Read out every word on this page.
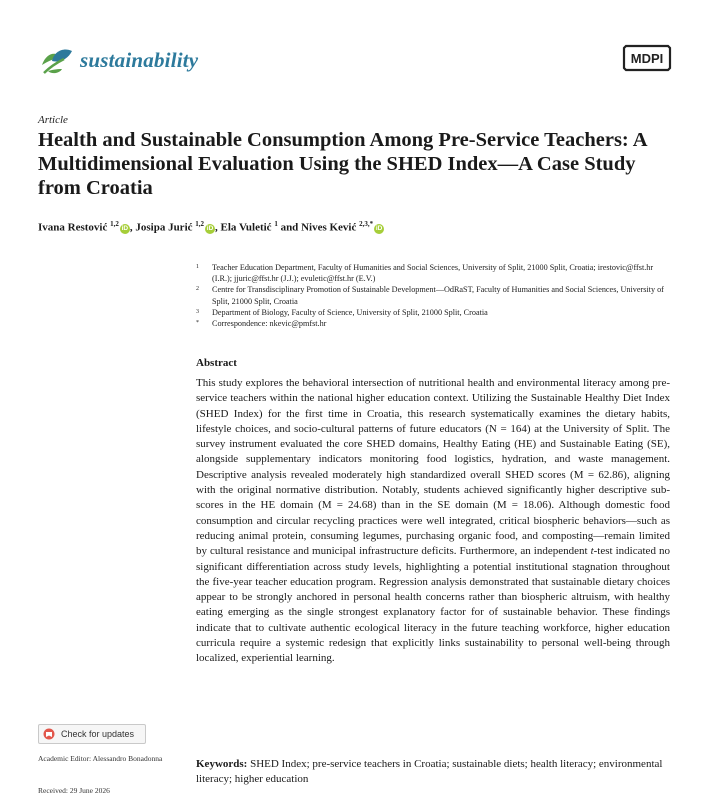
sustainability	MDPI
Article
Health and Sustainable Consumption Among Pre-Service Teachers: A Multidimensional Evaluation Using the SHED Index—A Case Study from Croatia
Ivana Restović $^{1,2}$iD , Josipa Jurić $^{1,2}$iD , Ela Vuletić $^1$ and Nives Kević $^{2,3,*}$iD
1	Teacher Education Department, Faculty of Humanities and Social Sciences, University of Split, 21000 Split, Croatia; irestovic@ffst.hr (I.R.); jjuric@ffst.hr (J.J.); evuletic@ffst.hr (E.V.)
2	Centre for Transdisciplinary Promotion of Sustainable Development—OdRaST, Faculty of Humanities and Social Sciences, University of Split, 21000 Split, Croatia
3	Department of Biology, Faculty of Science, University of Split, 21000 Split, Croatia
*	Correspondence: nkevic@pmfst.hr
Abstract
This study explores the behavioral intersection of nutritional health and environmental literacy among pre-service teachers within the national higher education context. Utilizing the Sustainable Healthy Diet Index (SHED Index) for the first time in Croatia, this research systematically examines the dietary habits, lifestyle choices, and socio-cultural patterns of future educators (N = 164) at the University of Split. The survey instrument evaluated the core SHED domains, Healthy Eating (HE) and Sustainable Eating (SE), alongside supplementary indicators monitoring food logistics, hydration, and waste management. Descriptive analysis revealed moderately high standardized overall SHED scores (M = 62.86), aligning with the original normative distribution. Notably, students achieved significantly higher descriptive sub-scores in the HE domain (M = 24.68) than in the SE domain (M = 18.06). Although domestic food consumption and circular recycling practices were well integrated, critical biospheric behaviors—such as reducing animal protein, consuming legumes, purchasing organic food, and composting—remain limited by cultural resistance and municipal infrastructure deficits. Furthermore, an independent t-test indicated no significant differentiation across study levels, highlighting a potential institutional stagnation throughout the five-year teacher education program. Regression analysis demonstrated that sustainable dietary choices appear to be strongly anchored in personal health concerns rather than biospheric altruism, with healthy eating emerging as the single strongest explanatory factor for of sustainable behavior. These findings indicate that to cultivate authentic ecological literacy in the future teaching workforce, higher education curricula require a systemic redesign that explicitly links sustainability to personal well-being through localized, experiential learning.
Keywords: SHED Index; pre-service teachers in Croatia; sustainable diets; health literacy; environmental literacy; higher education
Check for updates
Academic Editor: Alessandro Bonadonna
Received: 29 June 2026
